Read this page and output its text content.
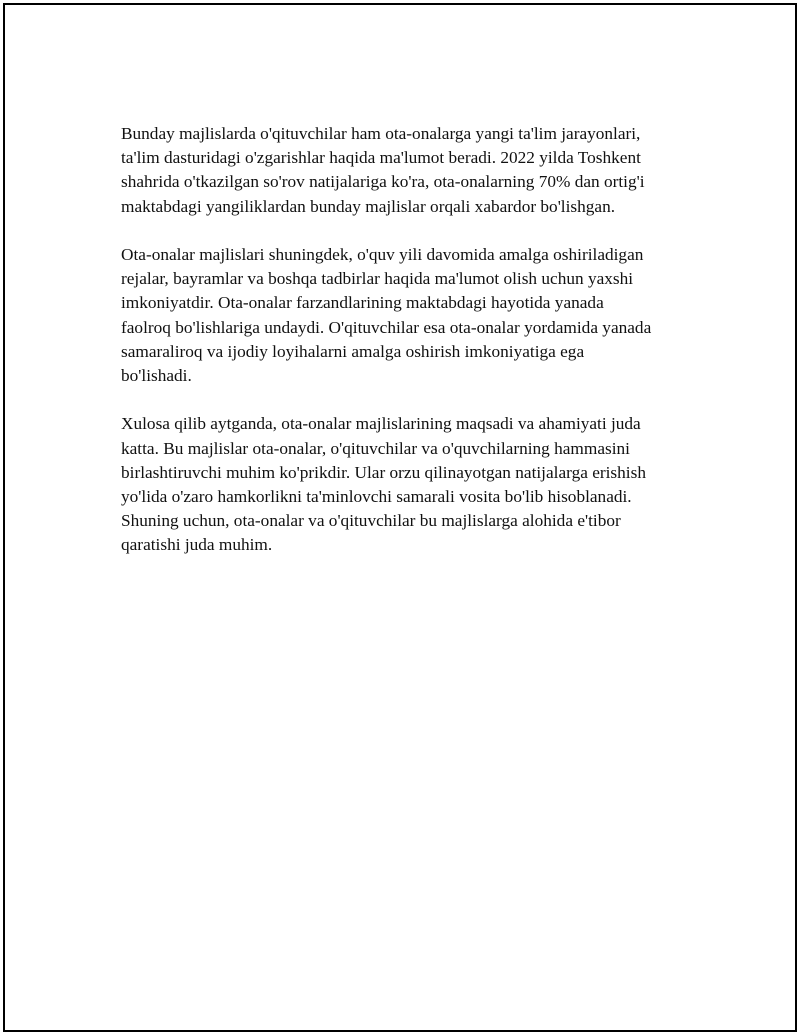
Bunday majlislarda o'qituvchilar ham ota-onalarga yangi ta'lim jarayonlari,
ta'lim dasturidagi o'zgarishlar haqida ma'lumot beradi. 2022 yilda Toshkent
shahrida o'tkazilgan so'rov natijalariga ko'ra, ota-onalarning 70% dan ortig'i
maktabdagi yangiliklardan bunday majlislar orqali xabardor bo'lishgan.

Ota-onalar majlislari shuningdek, o'quv yili davomida amalga oshiriladigan
rejalar, bayramlar va boshqa tadbirlar haqida ma'lumot olish uchun yaxshi
imkoniyatdir. Ota-onalar farzandlarining maktabdagi hayotida yanada
faolroq bo'lishlariga undaydi. O'qituvchilar esa ota-onalar yordamida yanada
samaraliroq va ijodiy loyihalarni amalga oshirish imkoniyatiga ega
bo'lishadi.

Xulosa qilib aytganda, ota-onalar majlislarining maqsadi va ahamiyati juda
katta. Bu majlislar ota-onalar, o'qituvchilar va o'quvchilarning hammasini
birlashtiruvchi muhim ko'prikdir. Ular orzu qilinayotgan natijalarga erishish
yo'lida o'zaro hamkorlikni ta'minlovchi samarali vosita bo'lib hisoblanadi.
Shuning uchun, ota-onalar va o'qituvchilar bu majlislarga alohida e'tibor
qaratishi juda muhim.
